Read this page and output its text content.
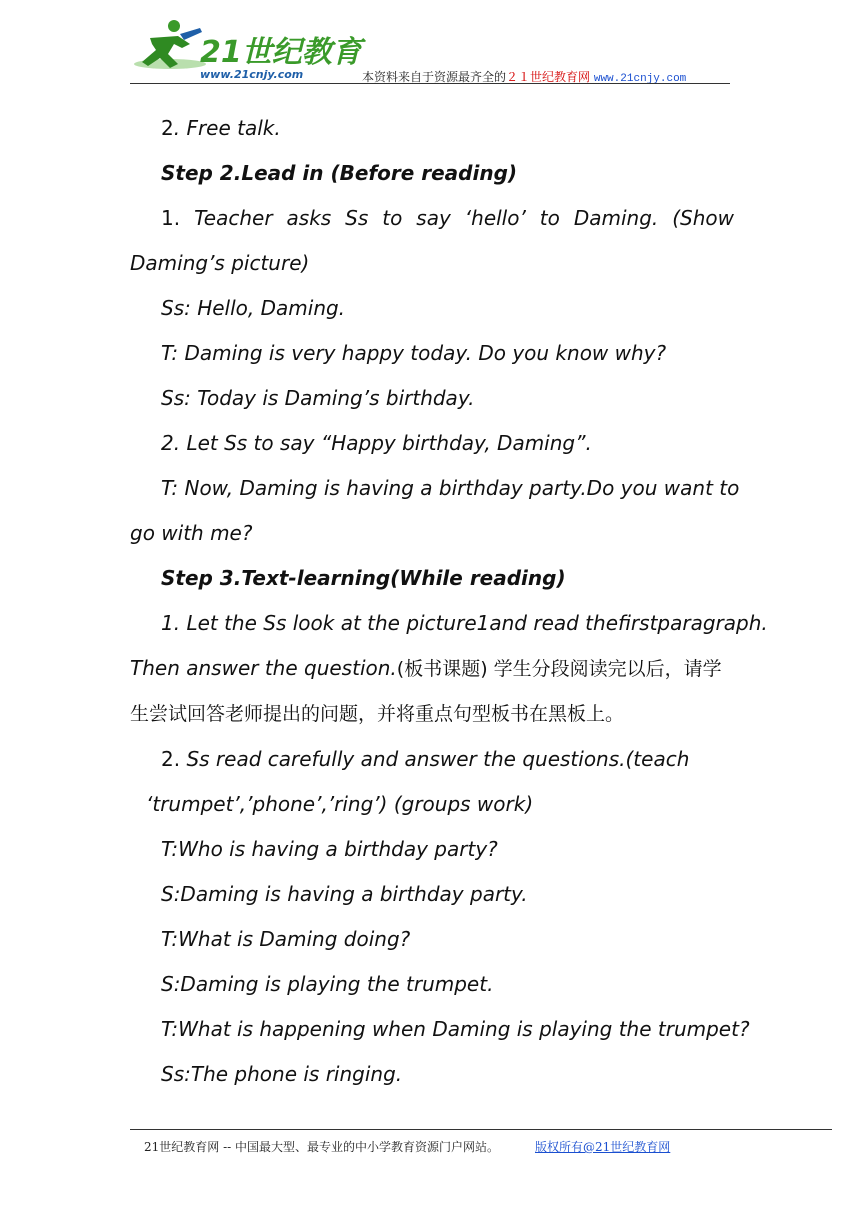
21世纪教育
www.21cnjy.com	本资料来自于资源最齐全的２１世纪教育网 www.21cnjy.com
2. Free talk.
Step 2.Lead in (Before reading)
1. Teacher asks Ss to say ‘hello’ to Daming. (Show
Daming’s picture)
Ss: Hello, Daming.
T: Daming is very happy today. Do you know why?
Ss: Today is Daming’s birthday.
2. Let Ss to say “Happy birthday, Daming”.
T: Now, Daming is having a birthday party.Do you want to
go with me?
Step 3.Text-learning(While reading)
1. Let the Ss look at the picture1and read thefirstparagraph.
Then answer the question.(板书课题) 学生分段阅读完以后，请学
生尝试回答老师提出的问题，并将重点句型板书在黑板上。
2. Ss read carefully and answer the questions.(teach
‘trumpet’,’phone’,’ring’) (groups work)
T:Who is having a birthday party?
S:Daming is having a birthday party.
T:What is Daming doing?
S:Daming is playing the trumpet.
T:What is happening when Daming is playing the trumpet?
Ss:The phone is ringing.
21世纪教育网 -- 中国最大型、最专业的中小学教育资源门户网站。	版权所有@21世纪教育网
